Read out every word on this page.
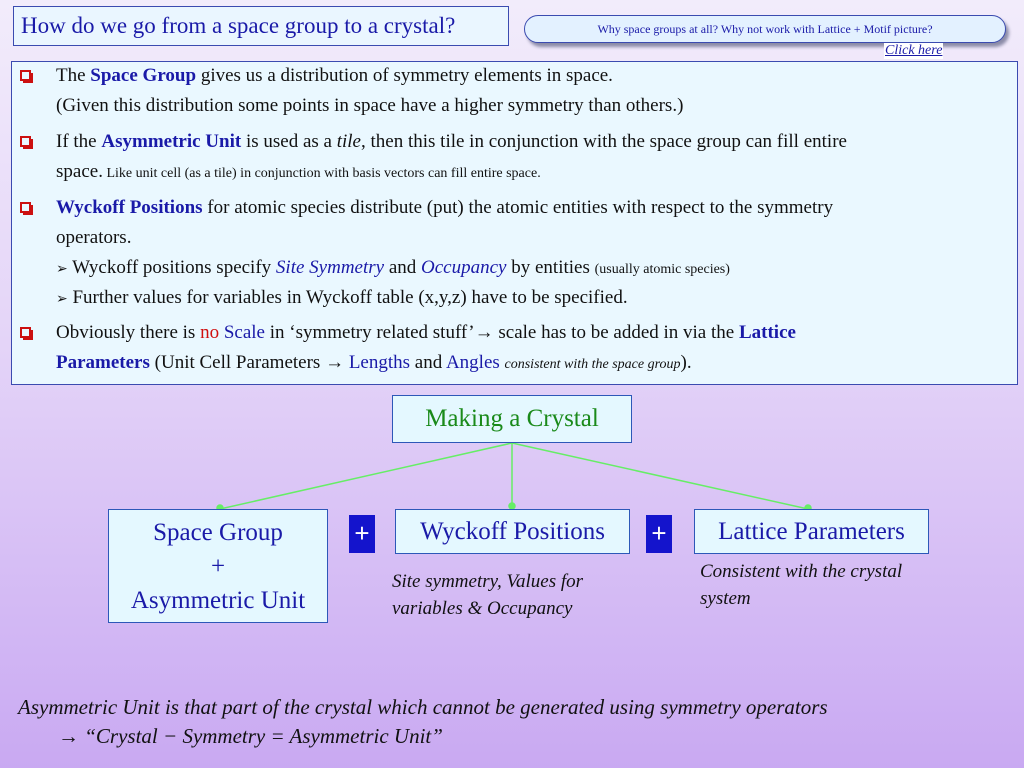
How do we go from a space group to a crystal?	Why space groups at all? Why not work with Lattice + Motif picture?
Click here
The Space Group gives us a distribution of symmetry elements in space.
(Given this distribution some points in space have a higher symmetry than others.)
If the Asymmetric Unit is used as a tile, then this tile in conjunction with the space group can fill entire
space. Like unit cell (as a tile) in conjunction with basis vectors can fill entire space.
Wyckoff Positions for atomic species distribute (put) the atomic entities with respect to the symmetry
operators.
➢ Wyckoff positions specify Site Symmetry and Occupancy by entities (usually atomic species)
➢ Further values for variables in Wyckoff table (x,y,z) have to be specified.
Obviously there is no Scale in ‘symmetry related stuff’→ scale has to be added in via the Lattice
Parameters (Unit Cell Parameters → Lengths and Angles consistent with the space group).
Making a Crystal
Space Group
+
Asymmetric Unit
+	Wyckoff Positions	+	Lattice Parameters
Site symmetry, Values for
variables & Occupancy
Consistent with the crystal
system
Asymmetric Unit is that part of the crystal which cannot be generated using symmetry operators
→ “Crystal − Symmetry = Asymmetric Unit”
